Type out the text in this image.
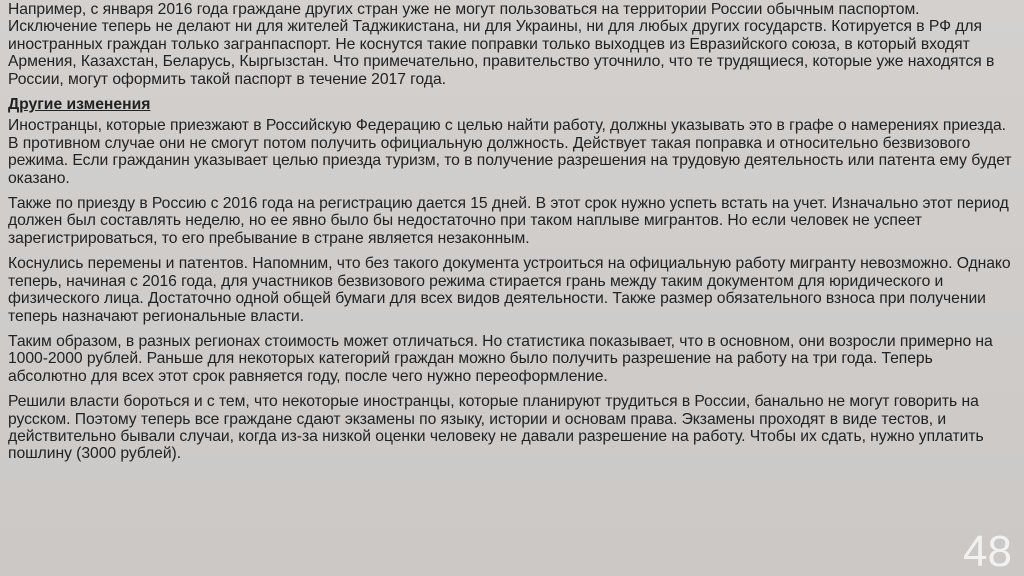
Например, с января 2016 года граждане других стран уже не могут пользоваться на территории России обычным паспортом. Исключение теперь не делают ни для жителей Таджикистана, ни для Украины, ни для любых других государств. Котируется в РФ для иностранных граждан только загранпаспорт. Не коснутся такие поправки только выходцев из Евразийского союза, в который входят Армения, Казахстан, Беларусь, Кыргызстан. Что примечательно, правительство уточнило, что те трудящиеся, которые уже находятся в России, могут оформить такой паспорт в течение 2017 года.

Другие изменения

Иностранцы, которые приезжают в Российскую Федерацию с целью найти работу, должны указывать это в графе о намерениях приезда. В противном случае они не смогут потом получить официальную должность. Действует такая поправка и относительно безвизового режима. Если гражданин указывает целью приезда туризм, то в получение разрешения на трудовую деятельность или патента ему будет оказано.

Также по приезду в Россию с 2016 года на регистрацию дается 15 дней. В этот срок нужно успеть встать на учет. Изначально этот период должен был составлять неделю, но ее явно было бы недостаточно при таком наплыве мигрантов. Но если человек не успеет зарегистрироваться, то его пребывание в стране является незаконным.

Коснулись перемены и патентов. Напомним, что без такого документа устроиться на официальную работу мигранту невозможно. Однако теперь, начиная с 2016 года, для участников безвизового режима стирается грань между таким документом для юридического и физического лица. Достаточно одной общей бумаги для всех видов деятельности. Также размер обязательного взноса при получении теперь назначают региональные власти.

Таким образом, в разных регионах стоимость может отличаться. Но статистика показывает, что в основном, они возросли примерно на 1000-2000 рублей. Раньше для некоторых категорий граждан можно было получить разрешение на работу на три года. Теперь абсолютно для всех этот срок равняется году, после чего нужно переоформление.

Решили власти бороться и с тем, что некоторые иностранцы, которые планируют трудиться в России, банально не могут говорить на русском. Поэтому теперь все граждане сдают экзамены по языку, истории и основам права. Экзамены проходят в виде тестов, и действительно бывали случаи, когда из-за низкой оценки человеку не давали разрешение на работу. Чтобы их сдать, нужно уплатить пошлину (3000 рублей).

48
